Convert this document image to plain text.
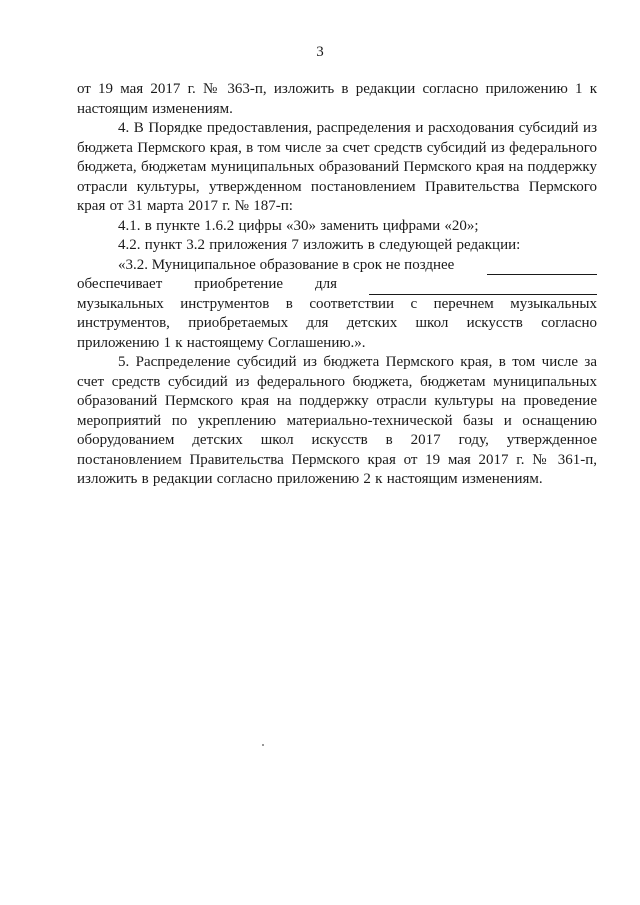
3

от 19 мая 2017 г. № 363-п, изложить в редакции согласно приложению 1 к настоящим изменениям.

4. В Порядке предоставления, распределения и расходования субсидий из бюджета Пермского края, в том числе за счет средств субсидий из федерального бюджета, бюджетам муниципальных образований Пермского края на поддержку отрасли культуры, утвержденном постановлением Правительства Пермского края от 31 марта 2017 г. № 187-п:

4.1. в пункте 1.6.2 цифры «30» заменить цифрами «20»;

4.2. пункт 3.2 приложения 7 изложить в следующей редакции:

«3.2. Муниципальное образование в срок не позднее
обеспечивает приобретение для

музыкальных инструментов в соответствии с перечнем музыкальных инструментов, приобретаемых для детских школ искусств согласно приложению 1 к настоящему Соглашению.».

5. Распределение субсидий из бюджета Пермского края, в том числе за счет средств субсидий из федерального бюджета, бюджетам муниципальных образований Пермского края на поддержку отрасли культуры на проведение мероприятий по укреплению материально-технической базы и оснащению оборудованием детских школ искусств в 2017 году, утвержденное постановлением Правительства Пермского края от 19 мая 2017 г. № 361-п, изложить в редакции согласно приложению 2 к настоящим изменениям.
